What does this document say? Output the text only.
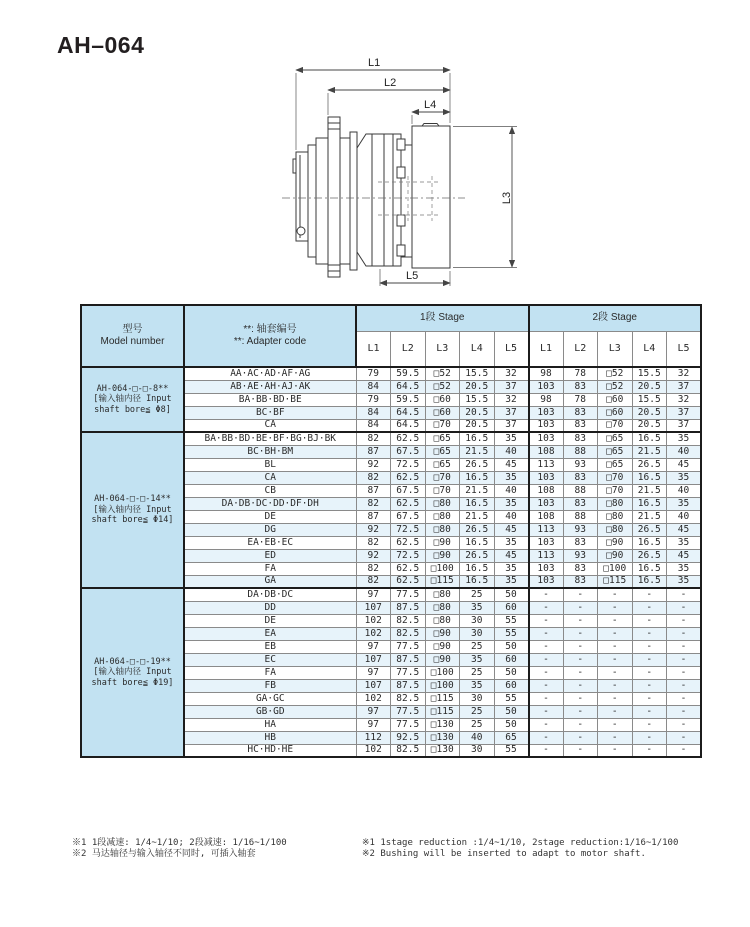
AH–064
L1
L2
L4
L3
L5
型号
Model number

**: 轴套编号
**: Adapter code
	1段 Stage	2段 Stage
		L1	L2	L3	L4	L5	L1	L2	L3	L4	L5

AH-064-□-□-8**
[输入轴内径 Input
shaft bore≦ Φ8]	AA·AC·AD·AF·AG	79	59.5	□52	15.5	32	98	78	□52	15.5	32
	AB·AE·AH·AJ·AK	84	64.5	□52	20.5	37	103	83	□52	20.5	37
	BA·BB·BD·BE	79	59.5	□60	15.5	32	98	78	□60	15.5	32
	BC·BF	84	64.5	□60	20.5	37	103	83	□60	20.5	37
	CA	84	64.5	□70	20.5	37	103	83	□70	20.5	37

AH-064-□-□-14**
[输入轴内径 Input
shaft bore≦ Φ14]	BA·BB·BD·BE·BF·BG·BJ·BK	82	62.5	□65	16.5	35	103	83	□65	16.5	35
	BC·BH·BM	87	67.5	□65	21.5	40	108	88	□65	21.5	40
	BL	92	72.5	□65	26.5	45	113	93	□65	26.5	45
	CA	82	62.5	□70	16.5	35	103	83	□70	16.5	35
	CB	87	67.5	□70	21.5	40	108	88	□70	21.5	40
	DA·DB·DC·DD·DF·DH	82	62.5	□80	16.5	35	103	83	□80	16.5	35
	DE	87	67.5	□80	21.5	40	108	88	□80	21.5	40
	DG	92	72.5	□80	26.5	45	113	93	□80	26.5	45
	EA·EB·EC	82	62.5	□90	16.5	35	103	83	□90	16.5	35
	ED	92	72.5	□90	26.5	45	113	93	□90	26.5	45
	FA	82	62.5	□100	16.5	35	103	83	□100	16.5	35
	GA	82	62.5	□115	16.5	35	103	83	□115	16.5	35

AH-064-□-□-19**
[输入轴内径 Input
shaft bore≦ Φ19]	DA·DB·DC	97	77.5	□80	25	50	-	-	-	-	-
	DD	107	87.5	□80	35	60	-	-	-	-	-
	DE	102	82.5	□80	30	55	-	-	-	-	-
	EA	102	82.5	□90	30	55	-	-	-	-	-
	EB	97	77.5	□90	25	50	-	-	-	-	-
	EC	107	87.5	□90	35	60	-	-	-	-	-
	FA	97	77.5	□100	25	50	-	-	-	-	-
	FB	107	87.5	□100	35	60	-	-	-	-	-
	GA·GC	102	82.5	□115	30	55	-	-	-	-	-
	GB·GD	97	77.5	□115	25	50	-	-	-	-	-
	HA	97	77.5	□130	25	50	-	-	-	-	-
	HB	112	92.5	□130	40	65	-	-	-	-	-
	HC·HD·HE	102	82.5	□130	30	55	-	-	-	-	-
※1 1段减速: 1/4~1/10; 2段减速: 1/16~1/100
※2 马达轴径与输入轴径不同时, 可插入轴套
※1 1stage reduction :1/4~1/10, 2stage reduction:1/16~1/100
※2 Bushing will be inserted to adapt to motor shaft.
